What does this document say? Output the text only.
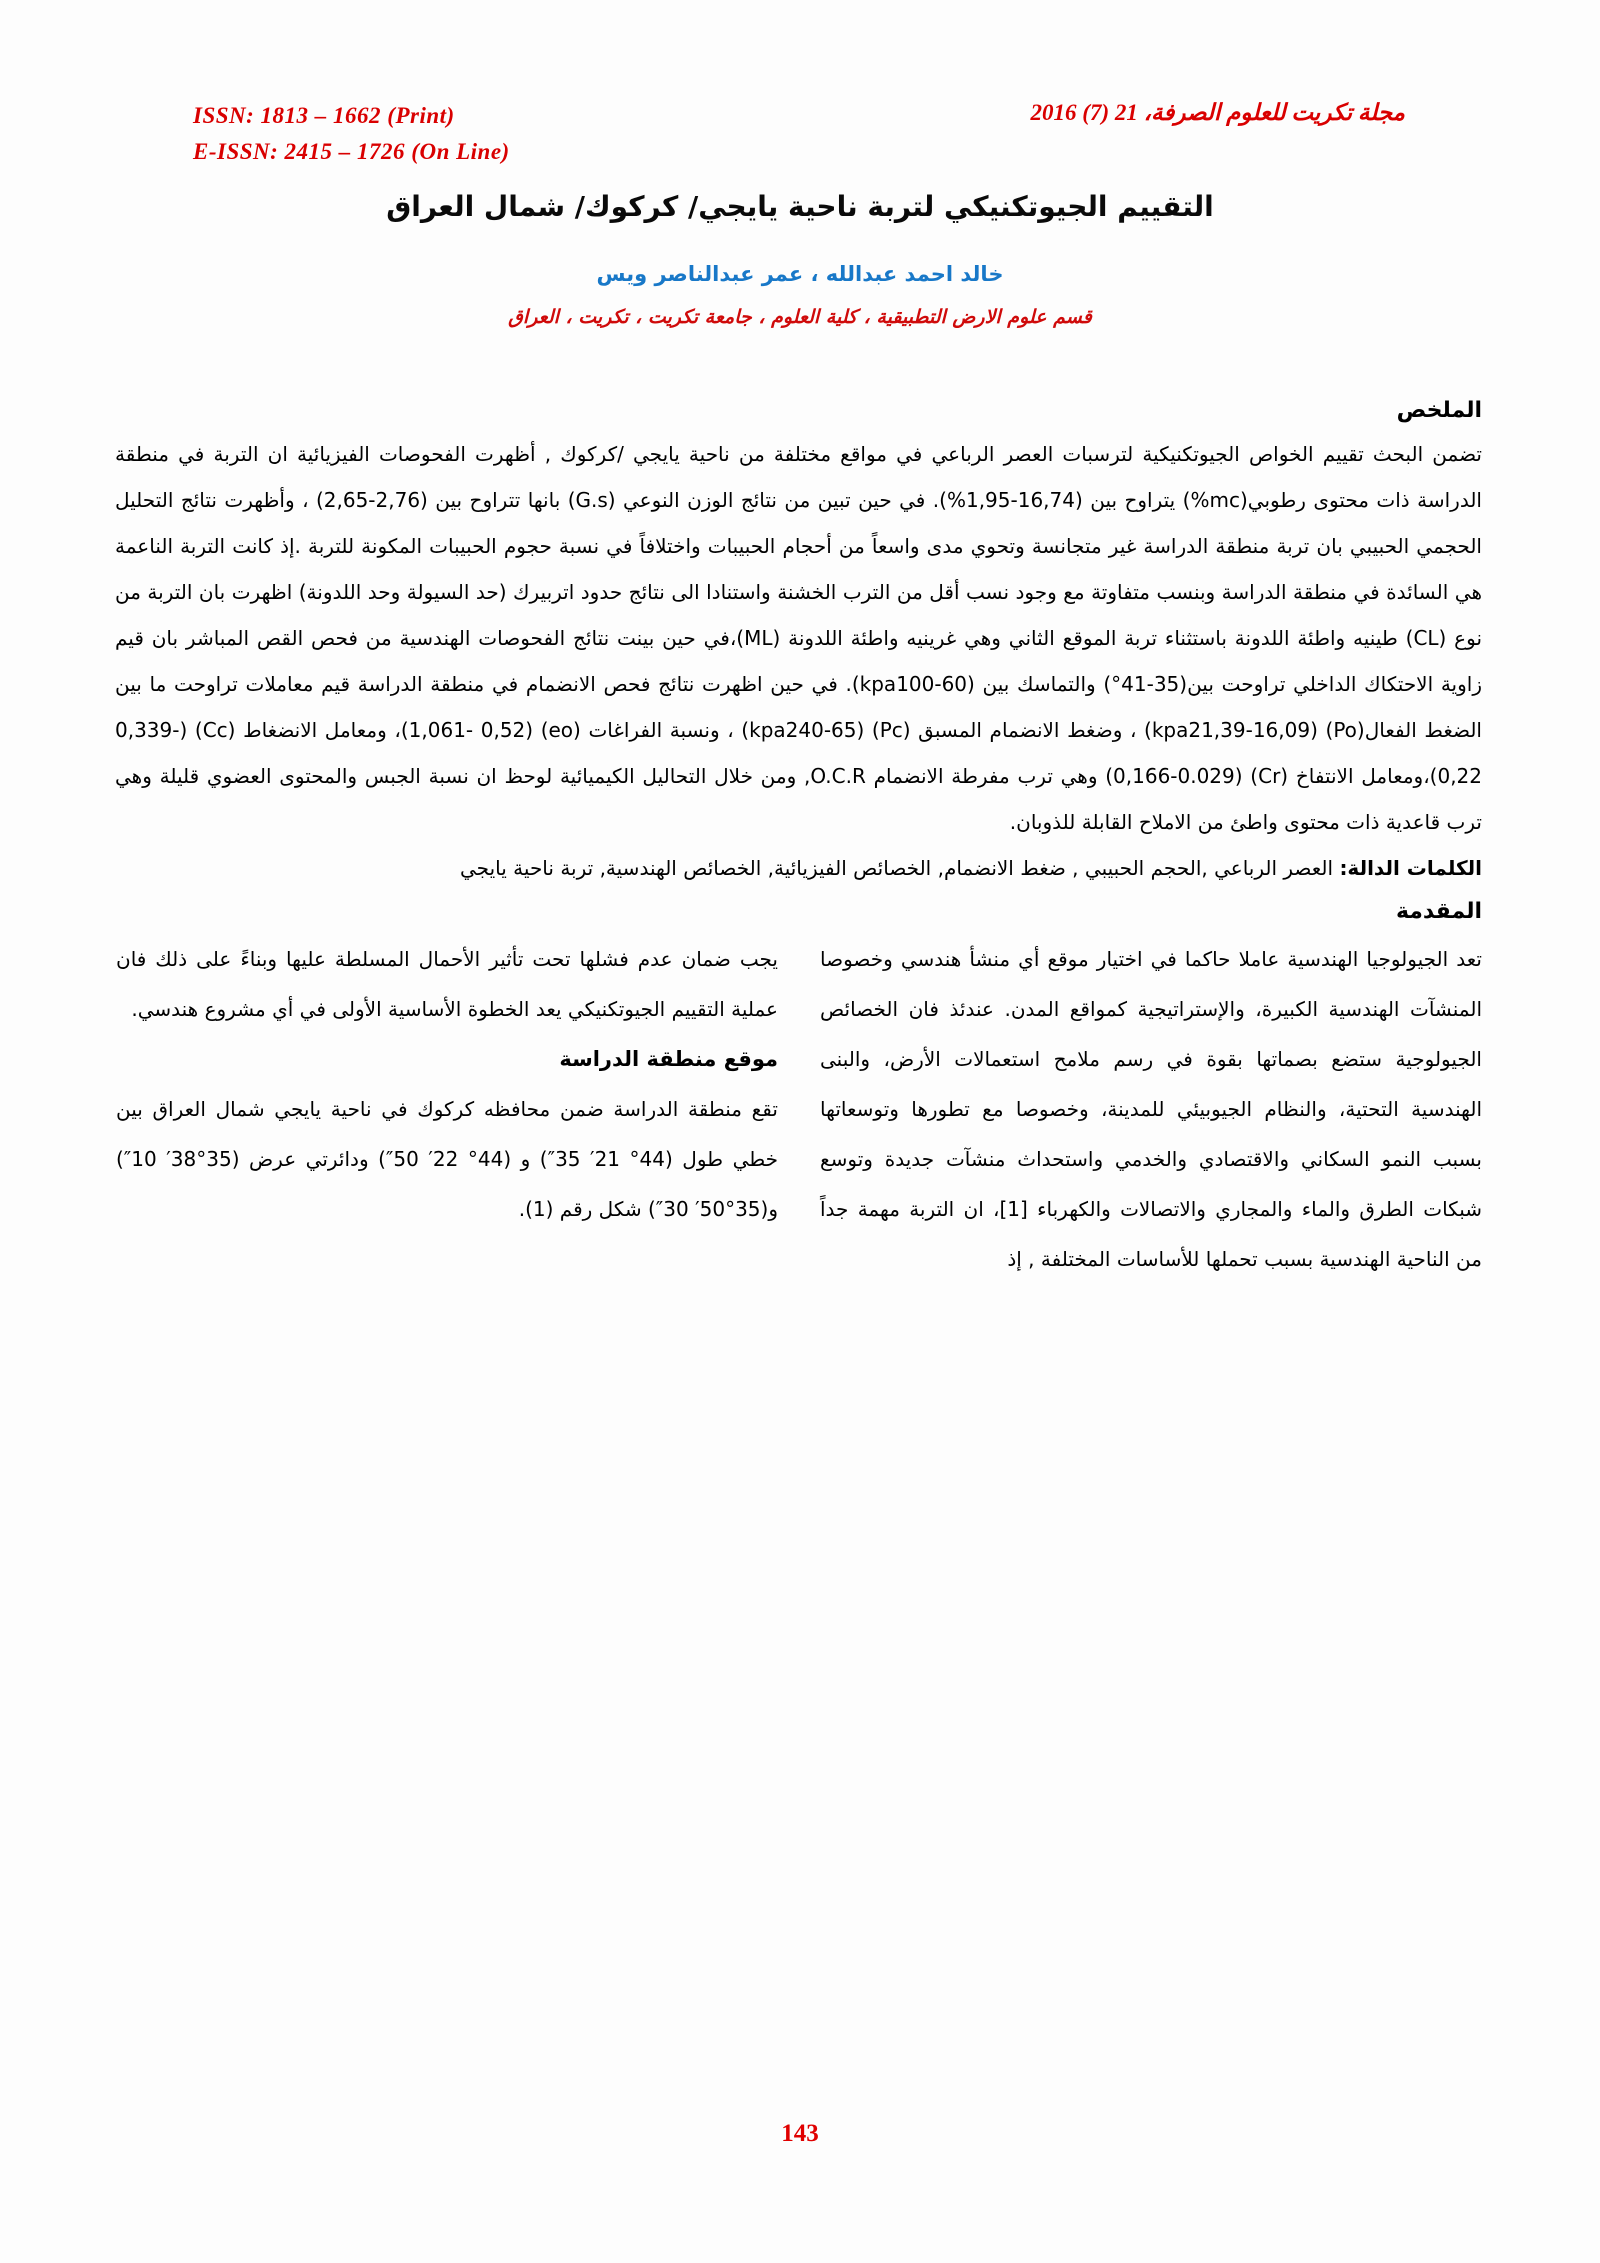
ISSN: 1813 – 1662 (Print)
E-ISSN: 2415 – 1726 (On Line)
مجلة تكريت للعلوم الصرفة، 21 (7) 2016
التقييم الجيوتكنيكي لتربة ناحية يايجي/ كركوك/ شمال العراق
خالد احمد عبدالله ، عمر عبدالناصر ويس
قسم علوم الارض التطبيقية ، كلية العلوم ، جامعة تكريت ، تكريت ، العراق
الملخص

تضمن البحث تقييم الخواص الجيوتكنيكية لترسبات العصر الرباعي في مواقع مختلفة من ناحية يايجي /كركوك , أظهرت الفحوصات الفيزيائية ان التربة في منطقة الدراسة ذات محتوى رطوبي(mc%) يتراوح بين (16,74-1,95%). في حين تبين من نتائج الوزن النوعي (G.s) بانها تتراوح بين (2,76-2,65) ، وأظهرت نتائج التحليل الحجمي الحبيبي بان تربة منطقة الدراسة غير متجانسة وتحوي مدى واسعاً من أحجام الحبيبات واختلافاً في نسبة حجوم الحبيبات المكونة للتربة .إذ كانت التربة الناعمة هي السائدة في منطقة الدراسة وبنسب متفاوتة مع وجود نسب أقل من الترب الخشنة واستنادا الى نتائج حدود اتربيرك (حد السيولة وحد اللدونة) اظهرت بان التربة من نوع (CL) طينيه واطئة اللدونة باستثناء تربة الموقع الثاني وهي غرينيه واطئة اللدونة (ML)،في حين بينت نتائج الفحوصات الهندسية من فحص القص المباشر بان قيم زاوية الاحتكاك الداخلي تراوحت بين(35-41°) والتماسك بين (kpa100-60). في حين اظهرت نتائج فحص الانضمام في منطقة الدراسة قيم معاملات تراوحت ما بين الضغط الفعال(Po) (kpa21,39-16,09) ، وضغط الانضمام المسبق (Pc) (kpa240-65) ، ونسبة الفراغات (eo) (1,061- 0,52)، ومعامل الانضغاط (Cc) (0,339-0,22)،ومعامل الانتفاخ (Cr) (0,166-0.029) وهي ترب مفرطة الانضمام O.C.R, ومن خلال التحاليل الكيميائية لوحظ ان نسبة الجبس والمحتوى العضوي قليلة وهي ترب قاعدية ذات محتوى واطئ من الاملاح القابلة للذوبان.

الكلمات الدالة: العصر الرباعي ,الحجم الحبيبي , ضغط الانضمام, الخصائص الفيزيائية, الخصائص الهندسية, تربة ناحية يايجي

المقدمة

تعد الجيولوجيا الهندسية عاملا حاكما في اختيار موقع أي منشأ هندسي وخصوصا المنشآت الهندسية الكبيرة، والإستراتيجية كمواقع المدن. عندئذ فان الخصائص الجيولوجية ستضع بصماتها بقوة في رسم ملامح استعمالات الأرض، والبنى الهندسية التحتية، والنظام الجيوبيئي للمدينة، وخصوصا مع تطورها وتوسعاتها بسبب النمو السكاني والاقتصادي والخدمي واستحداث منشآت جديدة وتوسع شبكات الطرق والماء والمجاري والاتصالات والكهرباء [1]، ان التربة مهمة جداً من الناحية الهندسية بسبب تحملها للأساسات المختلفة , إذ

يجب ضمان عدم فشلها تحت تأثير الأحمال المسلطة عليها وبناءً على ذلك فان عملية التقييم الجيوتكنيكي يعد الخطوة الأساسية الأولى في أي مشروع هندسي.

موقع منطقة الدراسة

تقع منطقة الدراسة ضمن محافظه كركوك في ناحية يايجي شمال العراق بين خطي طول (44° 21′ 35″) و (44° 22′ 50″) ودائرتي عرض (35°38′ 10″) و(35°50′ 30″) شكل رقم (1).

143
